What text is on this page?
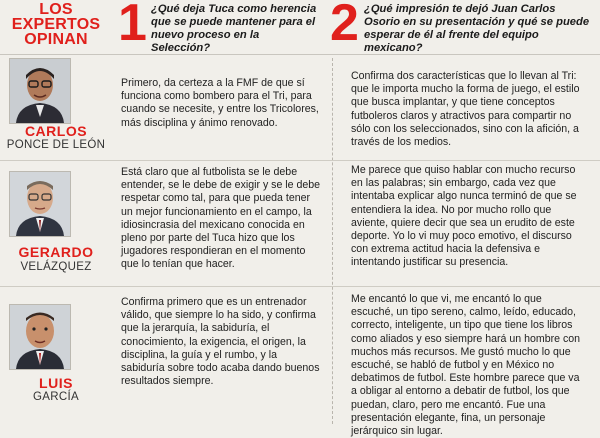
LOS EXPERTOS OPINAN 1 ¿Qué deja Tuca como herencia que se puede mantener para el nuevo proceso en la Selección?	2 ¿Qué impresión te dejó Juan Carlos Osorio en su presentación y qué se puede esperar de él al frente del equipo mexicano?
CARLOS
PONCE DE LEÓN
Primero, da certeza a la FMF de que sí funciona como bombero para el Tri, para cuando se necesite, y entre los Tricolores, más disciplina y ánimo renovado.
Confirma dos características que lo llevan al Tri: que le importa mucho la forma de juego, el estilo que busca implantar, y que tiene conceptos futboleros claros y atractivos para compartir no sólo con los seleccionados, sino con la afición, a través de los medios.
GERARDO
VELÁZQUEZ
Está claro que al futbolista se le debe entender, se le debe de exigir y se le debe respetar como tal, para que pueda tener un mejor funcionamiento en el campo, la idiosincrasia del mexicano conocida en pleno por parte del Tuca hizo que los jugadores respondieran en el momento que lo tenían que hacer.
Me parece que quiso hablar con mucho recurso en las palabras; sin embargo, cada vez que intentaba explicar algo nunca terminó de que se entendiera la idea. No por mucho rollo que aviente, quiere decir que sea un erudito de este deporte. Yo lo vi muy poco emotivo, el discurso con extrema actitud hacia la defensiva e intentando justificar su presencia.
LUIS
GARCÍA
Confirma primero que es un entrenador válido, que siempre lo ha sido, y confirma que la jerarquía, la sabiduría, el conocimiento, la exigencia, el origen, la disciplina, la guía y el rumbo, y la sabiduría sobre todo acaba dando buenos resultados siempre.
Me encantó lo que vi, me encantó lo que escuché, un tipo sereno, calmo, leído, educado, correcto, inteligente, un tipo que tiene los libros como aliados y eso siempre hará un hombre con muchos más recursos. Me gustó mucho lo que escuché, se habló de futbol y en México no debatimos de futbol. Este hombre parece que va a obligar al entorno a debatir de futbol, los que puedan, claro, pero me encantó. Fue una presentación elegante, fina, un personaje jerárquico sin lugar.
